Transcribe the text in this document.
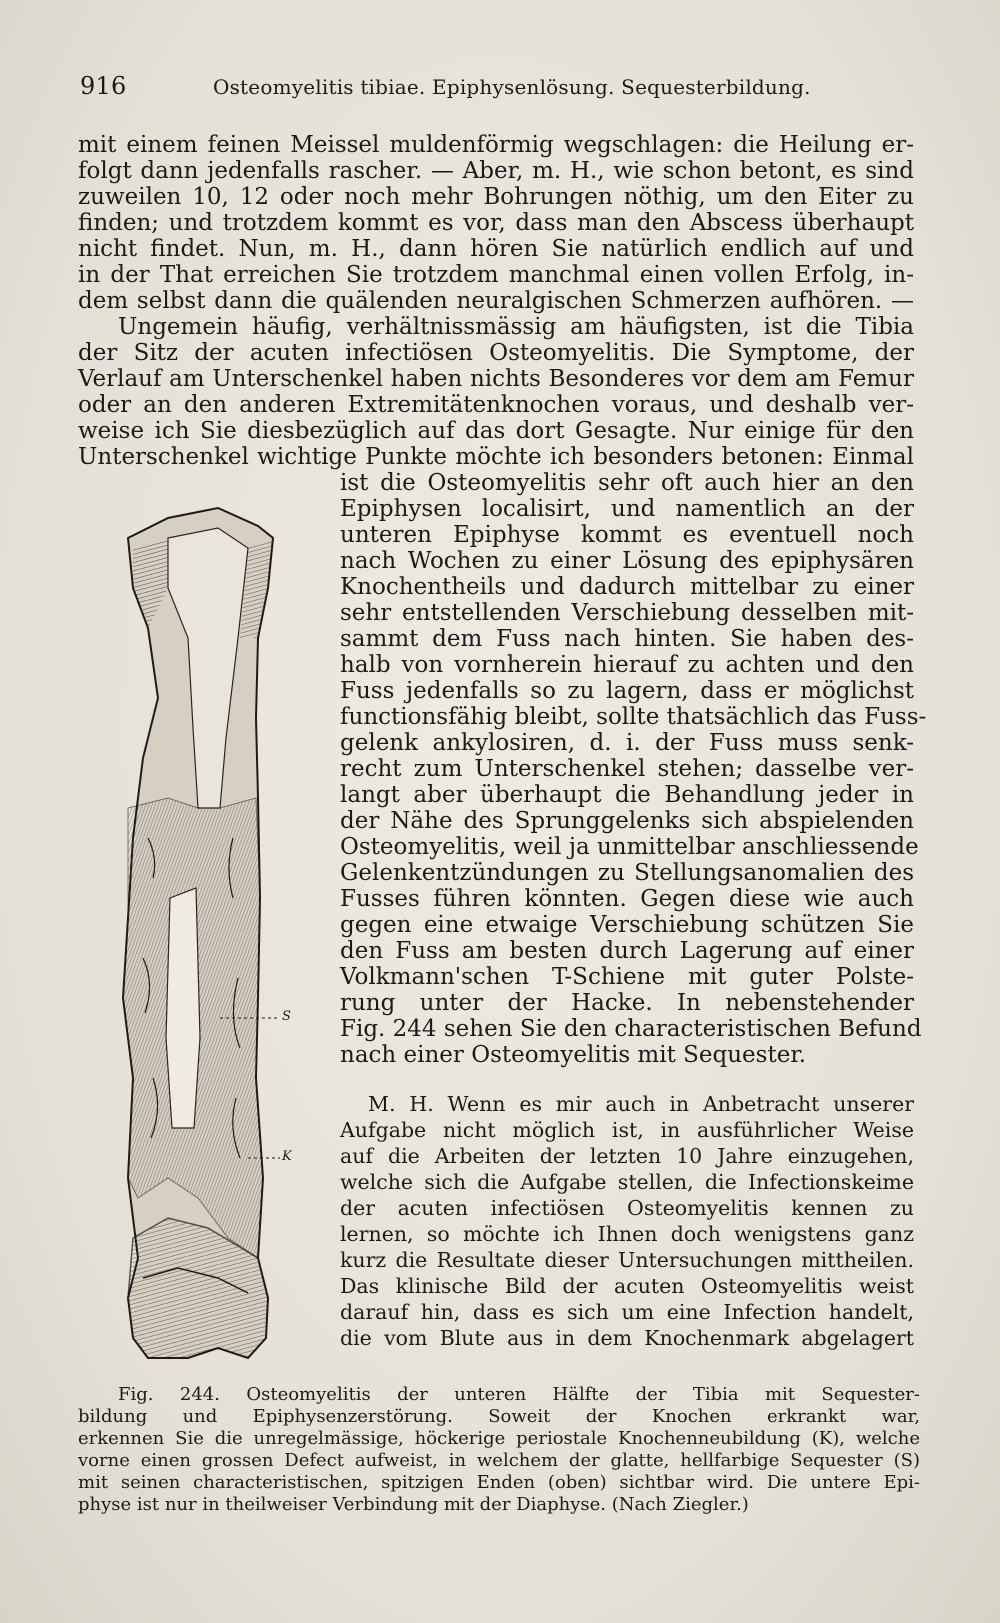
916	Osteomyelitis tibiae. Epiphysenlösung. Sequesterbildung.
mit einem feinen Meissel muldenförmig wegschlagen: die Heilung er-
folgt dann jedenfalls rascher. — Aber, m. H., wie schon betont, es sind
zuweilen 10, 12 oder noch mehr Bohrungen nöthig, um den Eiter zu
finden; und trotzdem kommt es vor, dass man den Abscess überhaupt
nicht findet. Nun, m. H., dann hören Sie natürlich endlich auf und
in der That erreichen Sie trotzdem manchmal einen vollen Erfolg, in-
dem selbst dann die quälenden neuralgischen Schmerzen aufhören. —
Ungemein häufig, verhältnissmässig am häufigsten, ist die Tibia
der Sitz der acuten infectiösen Osteomyelitis. Die Symptome, der
Verlauf am Unterschenkel haben nichts Besonderes vor dem am Femur
oder an den anderen Extremitätenknochen voraus, und deshalb ver-
weise ich Sie diesbezüglich auf das dort Gesagte. Nur einige für den
Unterschenkel wichtige Punkte möchte ich besonders betonen: Einmal
ist die Osteomyelitis sehr oft auch hier an den
Epiphysen localisirt, und namentlich an der
unteren Epiphyse kommt es eventuell noch
nach Wochen zu einer Lösung des epiphysären
Knochentheils und dadurch mittelbar zu einer
sehr entstellenden Verschiebung desselben mit-
sammt dem Fuss nach hinten. Sie haben des-
halb von vornherein hierauf zu achten und den
Fuss jedenfalls so zu lagern, dass er möglichst
functionsfähig bleibt, sollte thatsächlich das Fuss-
gelenk ankylosiren, d. i. der Fuss muss senk-
recht zum Unterschenkel stehen; dasselbe ver-
langt aber überhaupt die Behandlung jeder in
der Nähe des Sprunggelenks sich abspielenden
Osteomyelitis, weil ja unmittelbar anschliessende
Gelenkentzündungen zu Stellungsanomalien des
Fusses führen könnten. Gegen diese wie auch
gegen eine etwaige Verschiebung schützen Sie
den Fuss am besten durch Lagerung auf einer
Volkmann'schen T-Schiene mit guter Polste-
rung unter der Hacke. In nebenstehender
Fig. 244 sehen Sie den characteristischen Befund
nach einer Osteomyelitis mit Sequester.
M. H. Wenn es mir auch in Anbetracht unserer
Aufgabe nicht möglich ist, in ausführlicher Weise
auf die Arbeiten der letzten 10 Jahre einzugehen,
welche sich die Aufgabe stellen, die Infectionskeime
der acuten infectiösen Osteomyelitis kennen zu
lernen, so möchte ich Ihnen doch wenigstens ganz
kurz die Resultate dieser Untersuchungen mittheilen.
Das klinische Bild der acuten Osteomyelitis weist
darauf hin, dass es sich um eine Infection handelt,
die vom Blute aus in dem Knochenmark abgelagert
S
K
Fig. 244. Osteomyelitis der unteren Hälfte der Tibia mit Sequester-
bildung und Epiphysenzerstörung. Soweit der Knochen erkrankt war,
erkennen Sie die unregelmässige, höckerige periostale Knochenneubildung (K), welche
vorne einen grossen Defect aufweist, in welchem der glatte, hellfarbige Sequester (S)
mit seinen characteristischen, spitzigen Enden (oben) sichtbar wird. Die untere Epi-
physe ist nur in theilweiser Verbindung mit der Diaphyse. (Nach Ziegler.)
